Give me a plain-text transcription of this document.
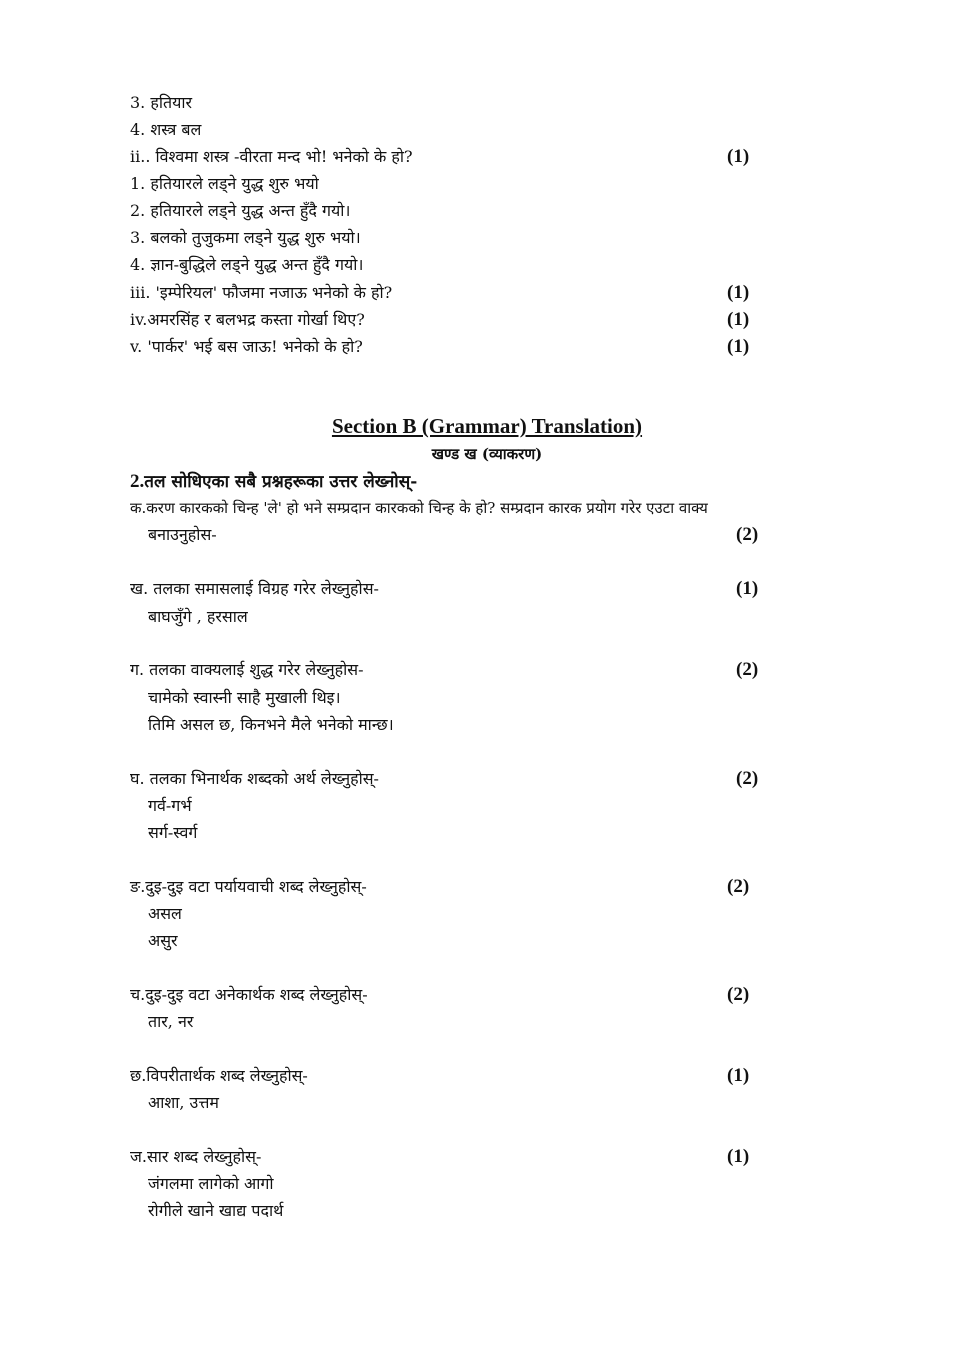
3. हतियार
4. शस्त्र बल
ii.. विश्वमा शस्त्र -वीरता मन्द भो! भनेको के हो?	(1)
1. हतियारले लड्ने युद्ध शुरु भयो
2. हतियारले लड्ने युद्ध अन्त हुँदै गयो।
3. बलको तुजुकमा लड्ने युद्ध शुरु भयो।
4. ज्ञान-बुद्धिले लड्ने युद्ध अन्त हुँदै गयो।
iii. 'इम्पेरियल' फौजमा नजाऊ भनेको के हो?	(1)
iv.अमरसिंह र बलभद्र कस्ता गोर्खा थिए?	(1)
v. 'पार्कर' भई बस जाऊ! भनेको के हो?	(1)
Section B (Grammar) Translation)
खण्ड ख (व्याकरण)
2.तल सोधिएका सबै प्रश्नहरूका उत्तर लेख्नोस्-
क.करण कारकको चिन्ह 'ले' हो भने सम्प्रदान कारकको चिन्ह के हो? सम्प्रदान कारक प्रयोग गरेर एउटा वाक्य
बनाउनुहोस-	(2)
ख. तलका समासलाई विग्रह गरेर लेख्नुहोस-	(1)
बाघजुँगे , हरसाल
ग. तलका वाक्यलाई शुद्ध गरेर लेख्नुहोस-	(2)
चामेको स्वास्नी साहै मुखाली थिइ।
तिमि असल छ, किनभने मैले भनेको मान्छ।
घ. तलका भिनार्थक शब्दको अर्थ लेख्नुहोस्-	(2)
गर्व-गर्भ
सर्ग-स्वर्ग
ङ.दुइ-दुइ वटा पर्यायवाची शब्द लेख्नुहोस्-	(2)
असल
असुर
च.दुइ-दुइ वटा अनेकार्थक शब्द लेख्नुहोस्-	(2)
तार, नर
छ.विपरीतार्थक शब्द लेख्नुहोस्-	(1)
आशा, उत्तम
ज.सार शब्द लेख्नुहोस्-	(1)
जंगलमा लागेको आगो
रोगीले खाने खाद्य पदार्थ
